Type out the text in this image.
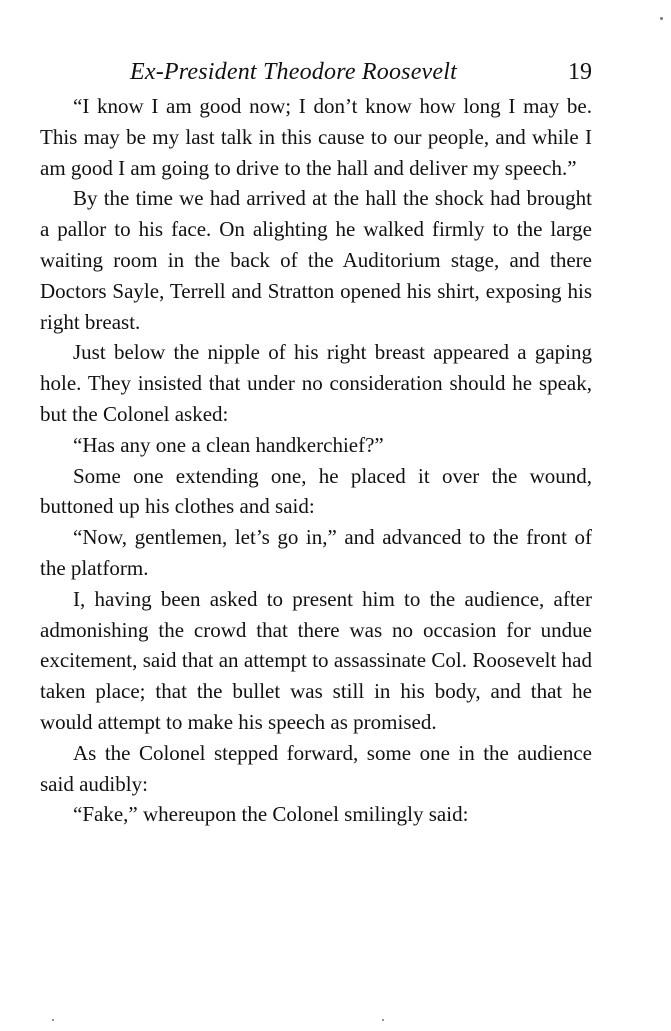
Ex-President Theodore Roosevelt	19

“I know I am good now; I don’t know how long I may be. This may be my last talk in this cause to our people, and while I am good I am going to drive to the hall and deliver my speech.”

By the time we had arrived at the hall the shock had brought a pallor to his face. On alighting he walked firmly to the large waiting room in the back of the Auditorium stage, and there Doctors Sayle, Terrell and Stratton opened his shirt, exposing his right breast.

Just below the nipple of his right breast appeared a gaping hole. They insisted that under no consideration should he speak, but the Colonel asked:

“Has any one a clean handkerchief?”

Some one extending one, he placed it over the wound, buttoned up his clothes and said:

“Now, gentlemen, let’s go in,” and advanced to the front of the platform.

I, having been asked to present him to the audience, after admonishing the crowd that there was no occasion for undue excitement, said that an attempt to assassinate Col. Roosevelt had taken place; that the bullet was still in his body, and that he would attempt to make his speech as promised.

As the Colonel stepped forward, some one in the audience said audibly:

“Fake,” whereupon the Colonel smilingly said:
